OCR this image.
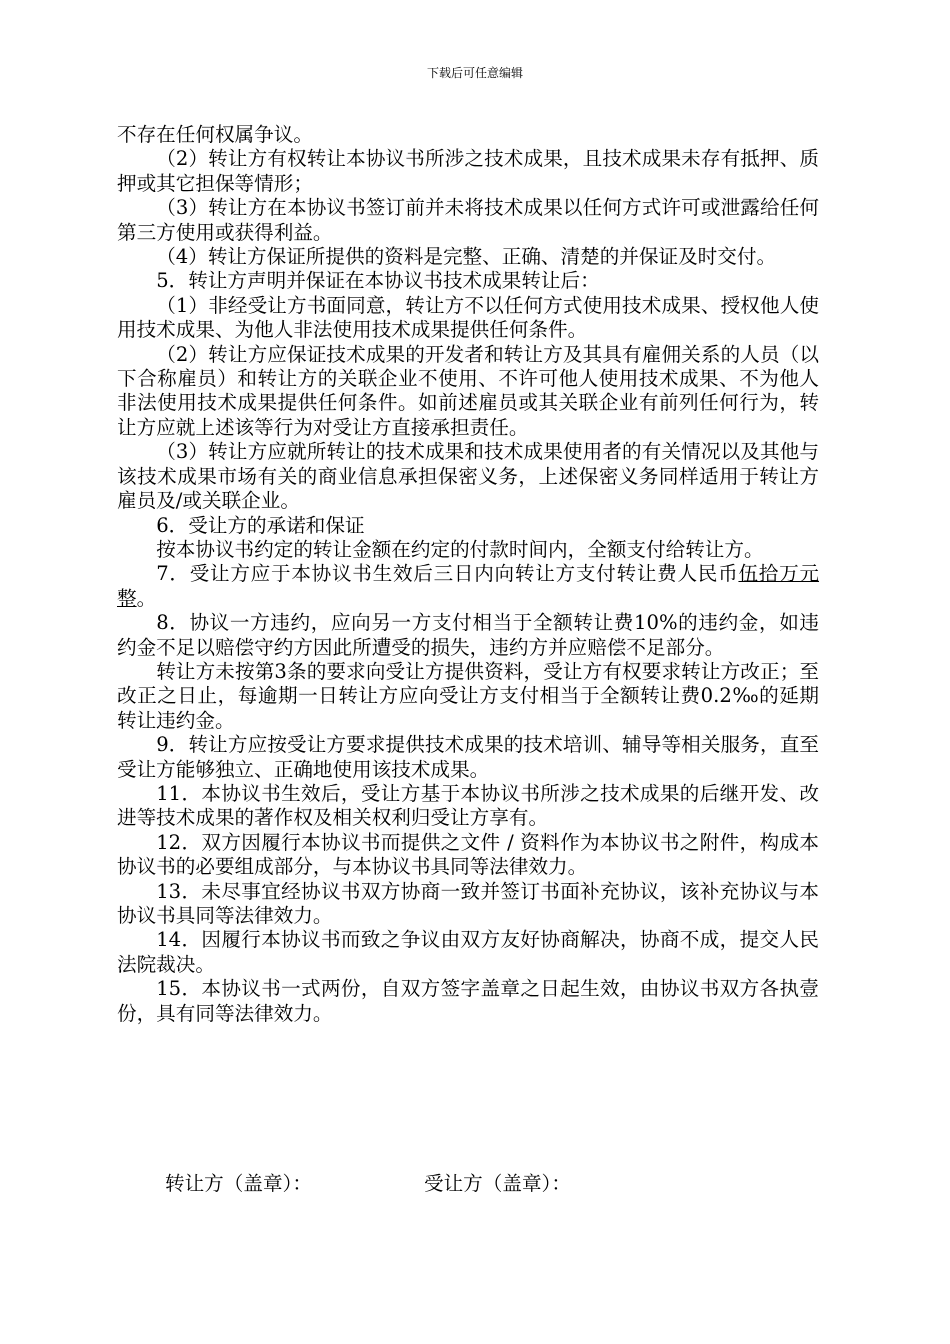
下载后可任意编辑

不存在任何权属争议。

（2）转让方有权转让本协议书所涉之技术成果，且技术成果未存有抵押、质押或其它担保等情形；

（3）转让方在本协议书签订前并未将技术成果以任何方式许可或泄露给任何第三方使用或获得利益。

（4）转让方保证所提供的资料是完整、正确、清楚的并保证及时交付。

5．转让方声明并保证在本协议书技术成果转让后：

（1）非经受让方书面同意，转让方不以任何方式使用技术成果、授权他人使用技术成果、为他人非法使用技术成果提供任何条件。

（2）转让方应保证技术成果的开发者和转让方及其具有雇佣关系的人员（以下合称雇员）和转让方的关联企业不使用、不许可他人使用技术成果、不为他人非法使用技术成果提供任何条件。如前述雇员或其关联企业有前列任何行为，转让方应就上述该等行为对受让方直接承担责任。

（3）转让方应就所转让的技术成果和技术成果使用者的有关情况以及其他与该技术成果市场有关的商业信息承担保密义务，上述保密义务同样适用于转让方雇员及/或关联企业。

6．受让方的承诺和保证

按本协议书约定的转让金额在约定的付款时间内，全额支付给转让方。

7．受让方应于本协议书生效后三日内向转让方支付转让费人民币伍拾万元整。

8．协议一方违约，应向另一方支付相当于全额转让费10%的违约金，如违约金不足以赔偿守约方因此所遭受的损失，违约方并应赔偿不足部分。

转让方未按第3条的要求向受让方提供资料，受让方有权要求转让方改正；至改正之日止，每逾期一日转让方应向受让方支付相当于全额转让费0.2‰的延期转让违约金。

9．转让方应按受让方要求提供技术成果的技术培训、辅导等相关服务，直至受让方能够独立、正确地使用该技术成果。

11．本协议书生效后，受让方基于本协议书所涉之技术成果的后继开发、改进等技术成果的著作权及相关权利归受让方享有。

12．双方因履行本协议书而提供之文件 / 资料作为本协议书之附件，构成本协议书的必要组成部分，与本协议书具同等法律效力。

13．未尽事宜经协议书双方协商一致并签订书面补充协议，该补充协议与本协议书具同等法律效力。

14．因履行本协议书而致之争议由双方友好协商解决，协商不成，提交人民法院裁决。

15．本协议书一式两份，自双方签字盖章之日起生效，由协议书双方各执壹份，具有同等法律效力。

转让方（盖章）：	受让方（盖章）：
